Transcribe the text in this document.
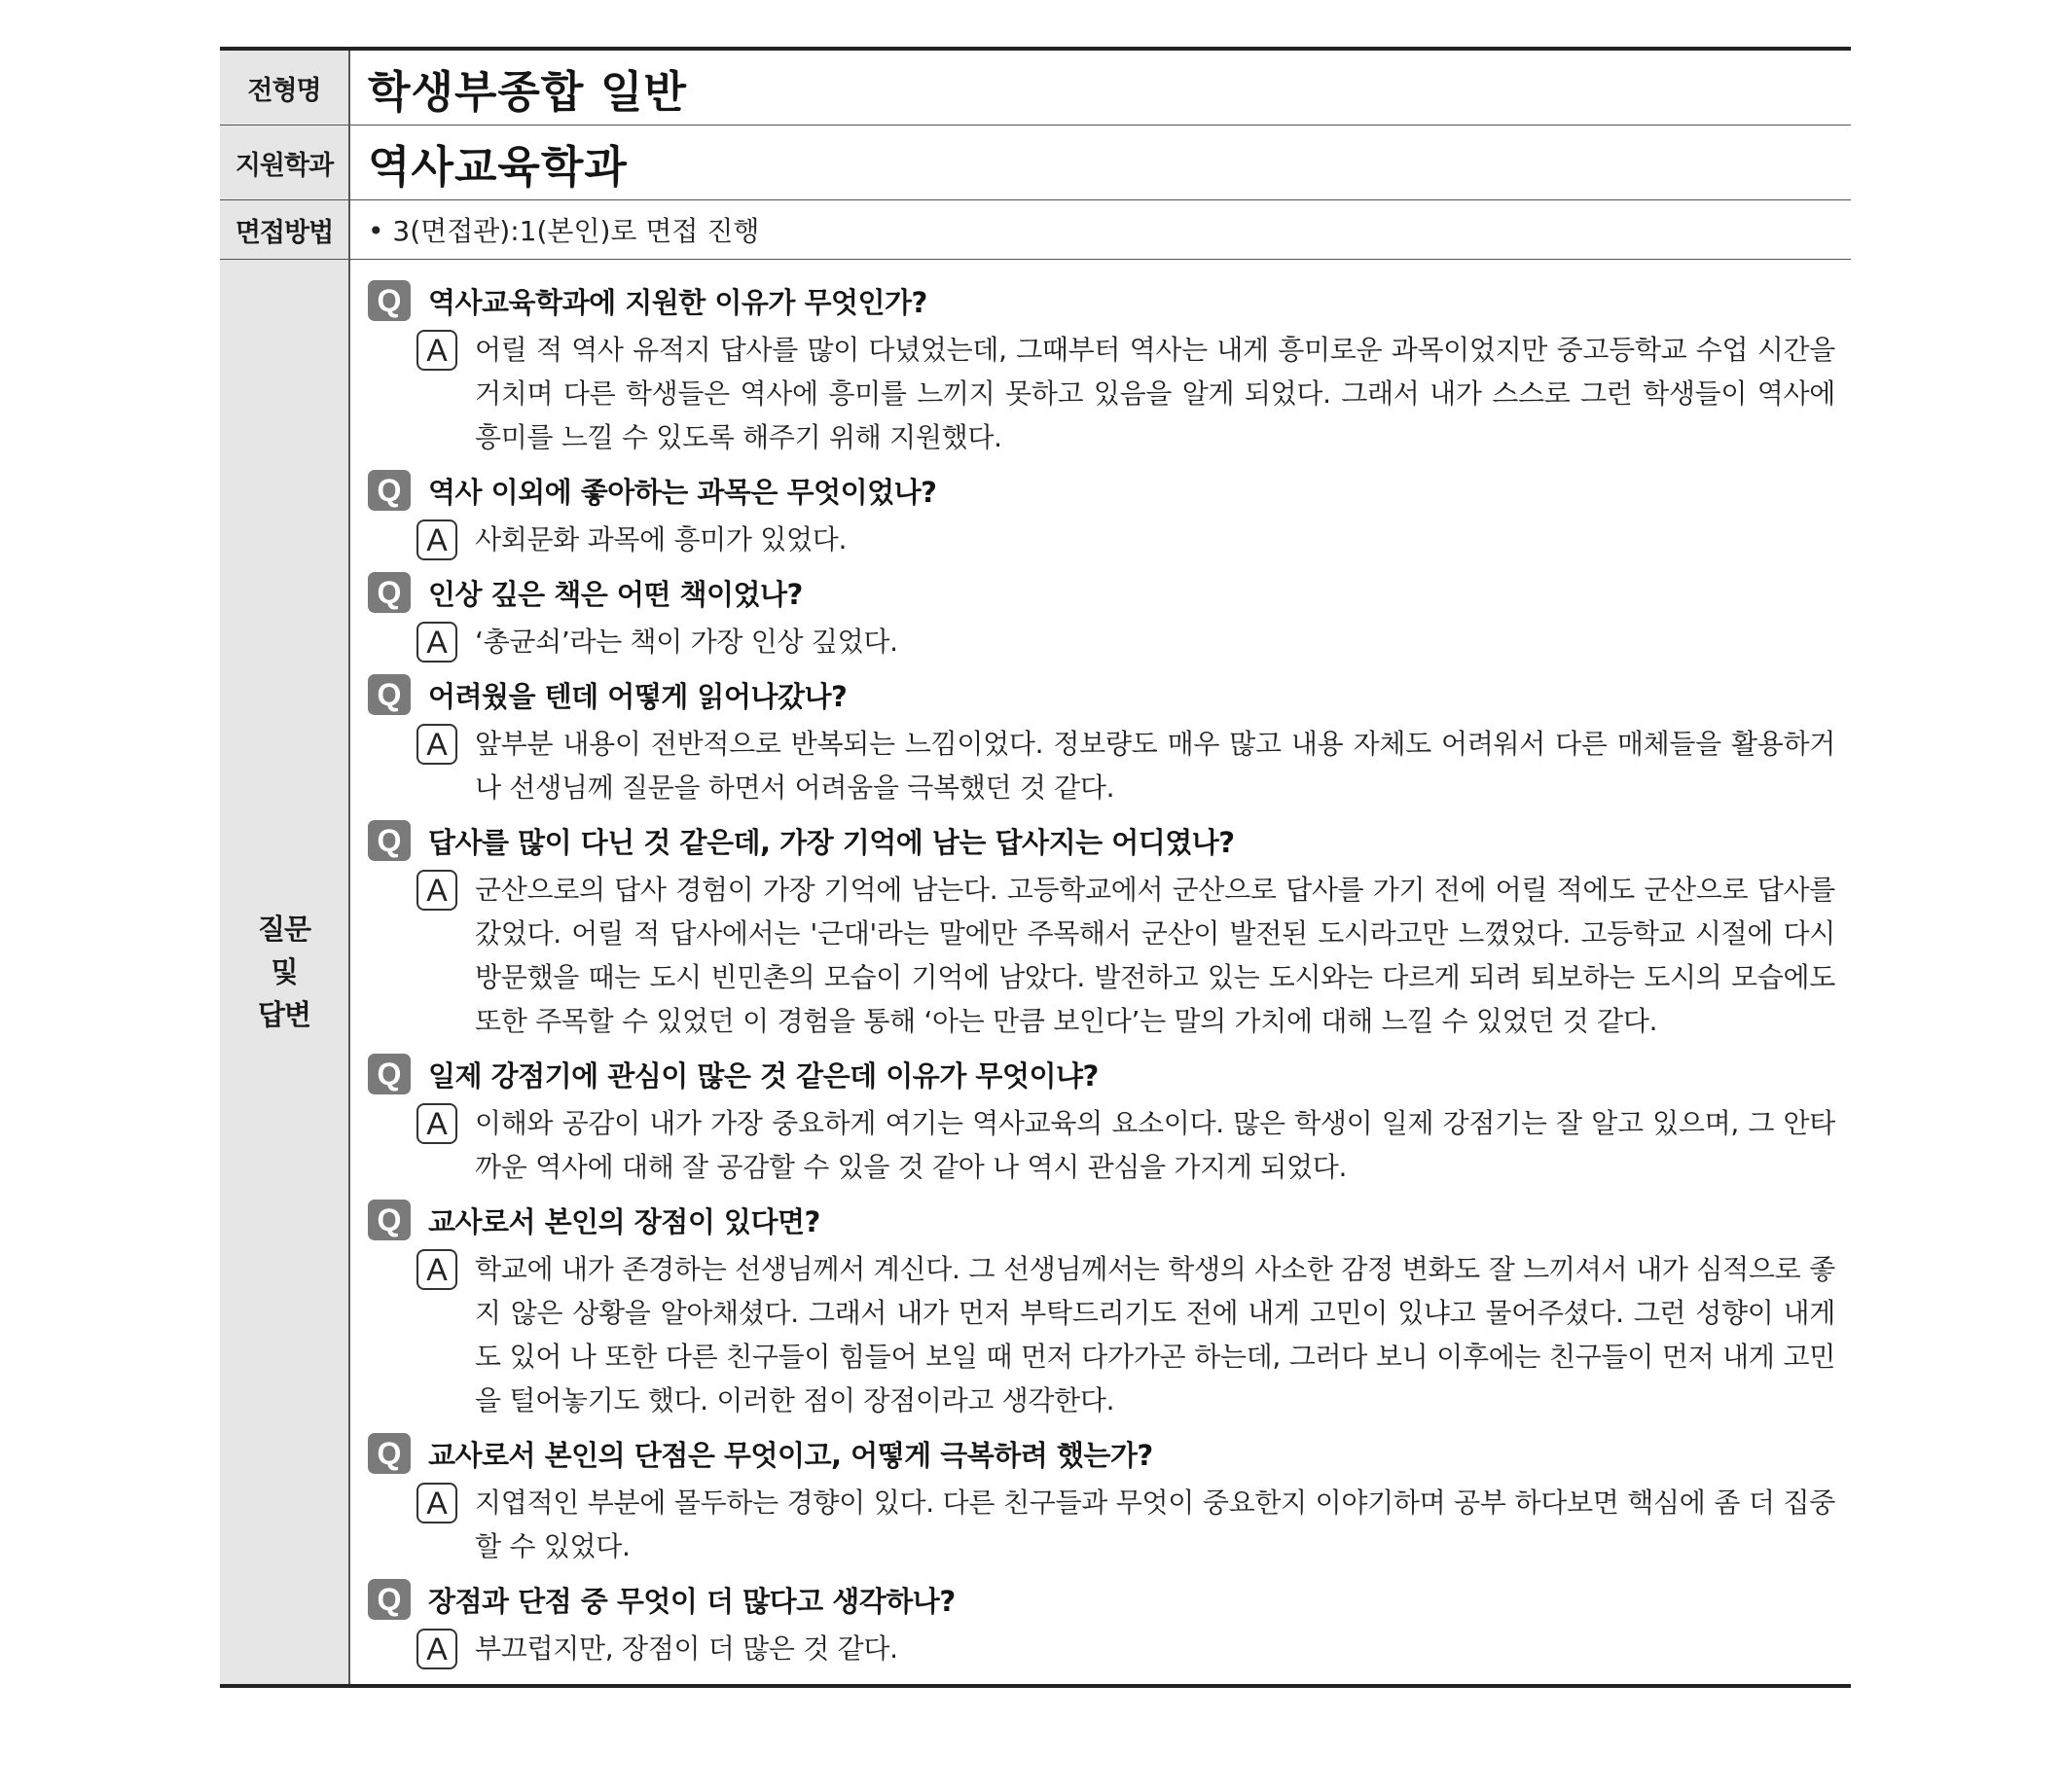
전형명	학생부종합 일반
지원학과 역사교육학과
면접방법	• 3(면접관):1(본인)로 면접 진행
질문
및
답변
Q 역사교육학과에 지원한 이유가 무엇인가?
A	어릴 적 역사 유적지 답사를 많이 다녔었는데, 그때부터 역사는 내게 흥미로운 과목이었지만 중고등학교 수업 시간을 거치며 다른 학생들은 역사에 흥미를 느끼지 못하고 있음을 알게 되었다. 그래서 내가 스스로 그런 학생들이 역사에 흥미를 느낄 수 있도록 해주기 위해 지원했다.
Q 역사 이외에 좋아하는 과목은 무엇이었나?
A	사회문화 과목에 흥미가 있었다.
Q 인상 깊은 책은 어떤 책이었나?
A	‘총균쇠’라는 책이 가장 인상 깊었다.
Q 어려웠을 텐데 어떻게 읽어나갔나?
A	앞부분 내용이 전반적으로 반복되는 느낌이었다. 정보량도 매우 많고 내용 자체도 어려워서 다른 매체들을 활용하거나 선생님께 질문을 하면서 어려움을 극복했던 것 같다.
Q 답사를 많이 다닌 것 같은데, 가장 기억에 남는 답사지는 어디였나?
A	군산으로의 답사 경험이 가장 기억에 남는다. 고등학교에서 군산으로 답사를 가기 전에 어릴 적에도 군산으로 답사를 갔었다. 어릴 적 답사에서는 '근대'라는 말에만 주목해서 군산이 발전된 도시라고만 느꼈었다. 고등학교 시절에 다시 방문했을 때는 도시 빈민촌의 모습이 기억에 남았다. 발전하고 있는 도시와는 다르게 되려 퇴보하는 도시의 모습에도 또한 주목할 수 있었던 이 경험을 통해 ‘아는 만큼 보인다’는 말의 가치에 대해 느낄 수 있었던 것 같다.
Q 일제 강점기에 관심이 많은 것 같은데 이유가 무엇이냐?
A	이해와 공감이 내가 가장 중요하게 여기는 역사교육의 요소이다. 많은 학생이 일제 강점기는 잘 알고 있으며, 그 안타까운 역사에 대해 잘 공감할 수 있을 것 같아 나 역시 관심을 가지게 되었다.
Q 교사로서 본인의 장점이 있다면?
A	학교에 내가 존경하는 선생님께서 계신다. 그 선생님께서는 학생의 사소한 감정 변화도 잘 느끼셔서 내가 심적으로 좋지 않은 상황을 알아채셨다. 그래서 내가 먼저 부탁드리기도 전에 내게 고민이 있냐고 물어주셨다. 그런 성향이 내게도 있어 나 또한 다른 친구들이 힘들어 보일 때 먼저 다가가곤 하는데, 그러다 보니 이후에는 친구들이 먼저 내게 고민을 털어놓기도 했다. 이러한 점이 장점이라고 생각한다.
Q 교사로서 본인의 단점은 무엇이고, 어떻게 극복하려 했는가?
A	지엽적인 부분에 몰두하는 경향이 있다. 다른 친구들과 무엇이 중요한지 이야기하며 공부 하다보면 핵심에 좀 더 집중할 수 있었다.
Q 장점과 단점 중 무엇이 더 많다고 생각하나?
A	부끄럽지만, 장점이 더 많은 것 같다.
